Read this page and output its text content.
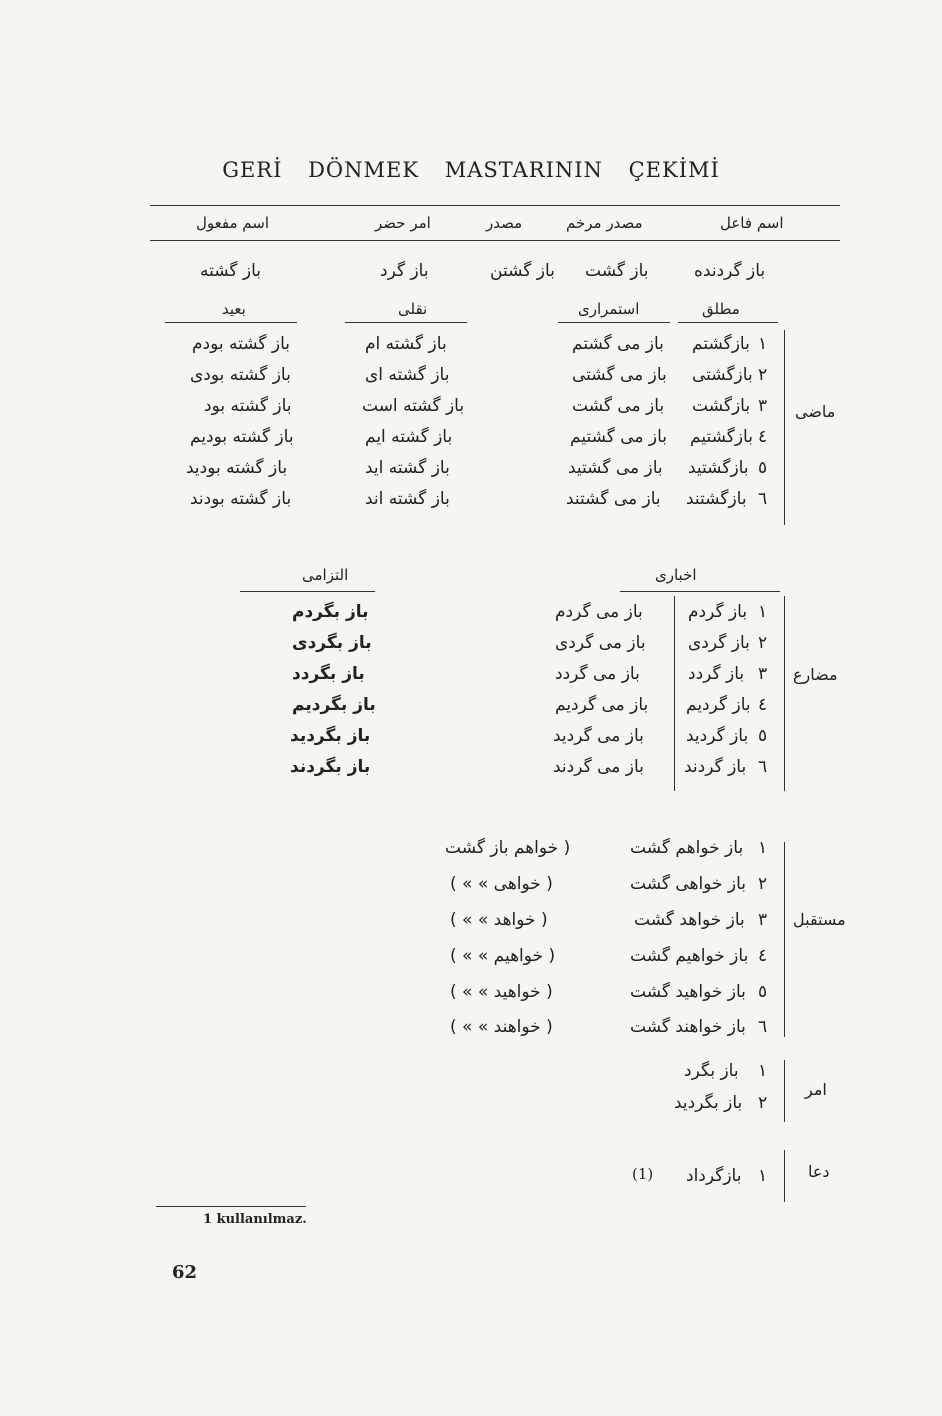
GERİ DÖNMEK MASTARININ ÇEKİMİ
اسم فاعل
مصدر مرخم
مصدر
امر حضر
اسم مفعول
باز گردنده
باز گشت
باز گشتن
باز گرد
باز گشته
مطلق
استمراری
نقلی
بعید
ماضی
۱
بازگشتم
باز می گشتم
باز گشته ام
باز گشته بودم
۲
بازگشتی
باز می گشتی
باز گشته ای
باز گشته بودی
۳
بازگشت
باز می گشت
باز گشته است
باز گشته بود
٤
بازگشتیم
باز می گشتیم
باز گشته ایم
باز گشته بودیم
٥
بازگشتید
باز می گشتید
باز گشته اید
باز گشته بودید
٦
بازگشتند
باز می گشتند
باز گشته اند
باز گشته بودند
اخباری
التزامی
مضارع
۱
باز گردم
باز می گردم
باز بگردم
۲
باز گردی
باز می گردی
باز بگردی
۳
باز گردد
باز می گردد
باز بگردد
٤
باز گردیم
باز می گردیم
باز بگردیم
٥
باز گردید
باز می گردید
باز بگردید
٦
باز گردند
باز می گردند
باز بگردند
مستقبل
۱
باز خواهم گشت
( خواهم باز گشت
۲
باز خواهی گشت
( خواهی » » )
۳
باز خواهد گشت
( خواهد » » )
٤
باز خواهیم گشت
( خواهیم » » )
٥
باز خواهید گشت
( خواهید » » )
٦
باز خواهند گشت
( خواهند » » )
امر
۱
باز بگرد
۲
باز بگردید
دعا
۱
بازگرداد
(1)
1 kullanılmaz.
62
